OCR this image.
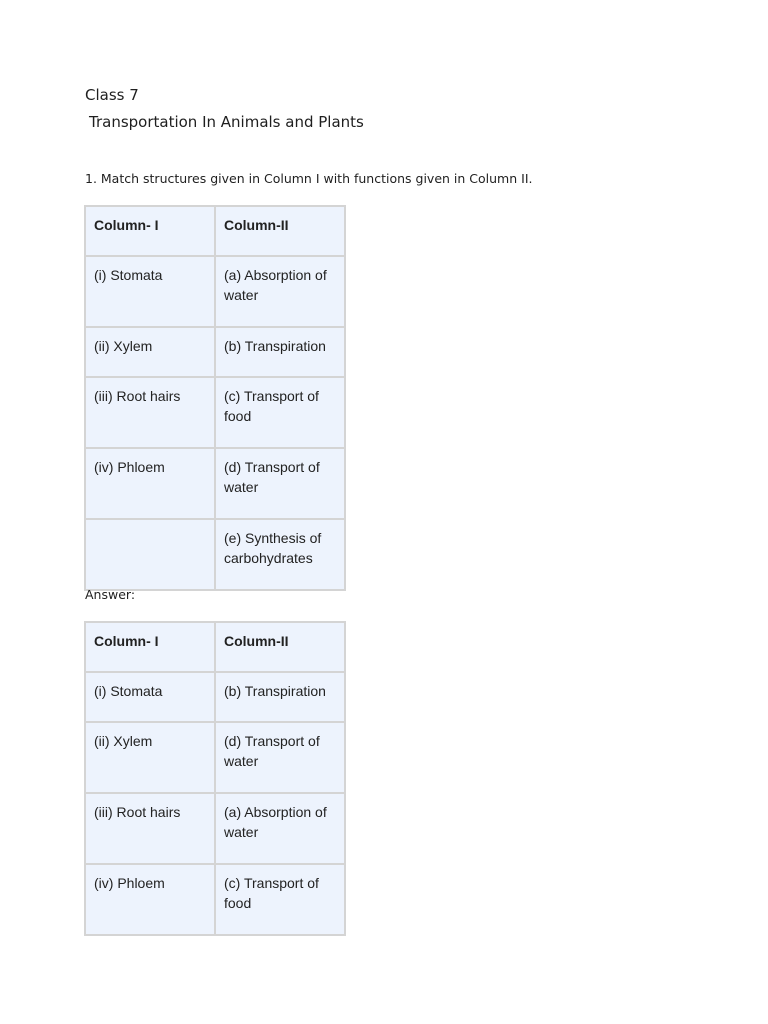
Class 7
Transportation In Animals and Plants
1. Match structures given in Column I with functions given in Column II.
Column- I	Column-II
(i) Stomata	(a) Absorption of water
(ii) Xylem	(b) Transpiration
(iii) Root hairs	(c) Transport of food
(iv) Phloem	(d) Transport of water
	(e) Synthesis of carbohydrates
Answer:
Column- I	Column-II
(i) Stomata	(b) Transpiration
(ii) Xylem	(d) Transport of water
(iii) Root hairs	(a) Absorption of water
(iv) Phloem	(c) Transport of food
